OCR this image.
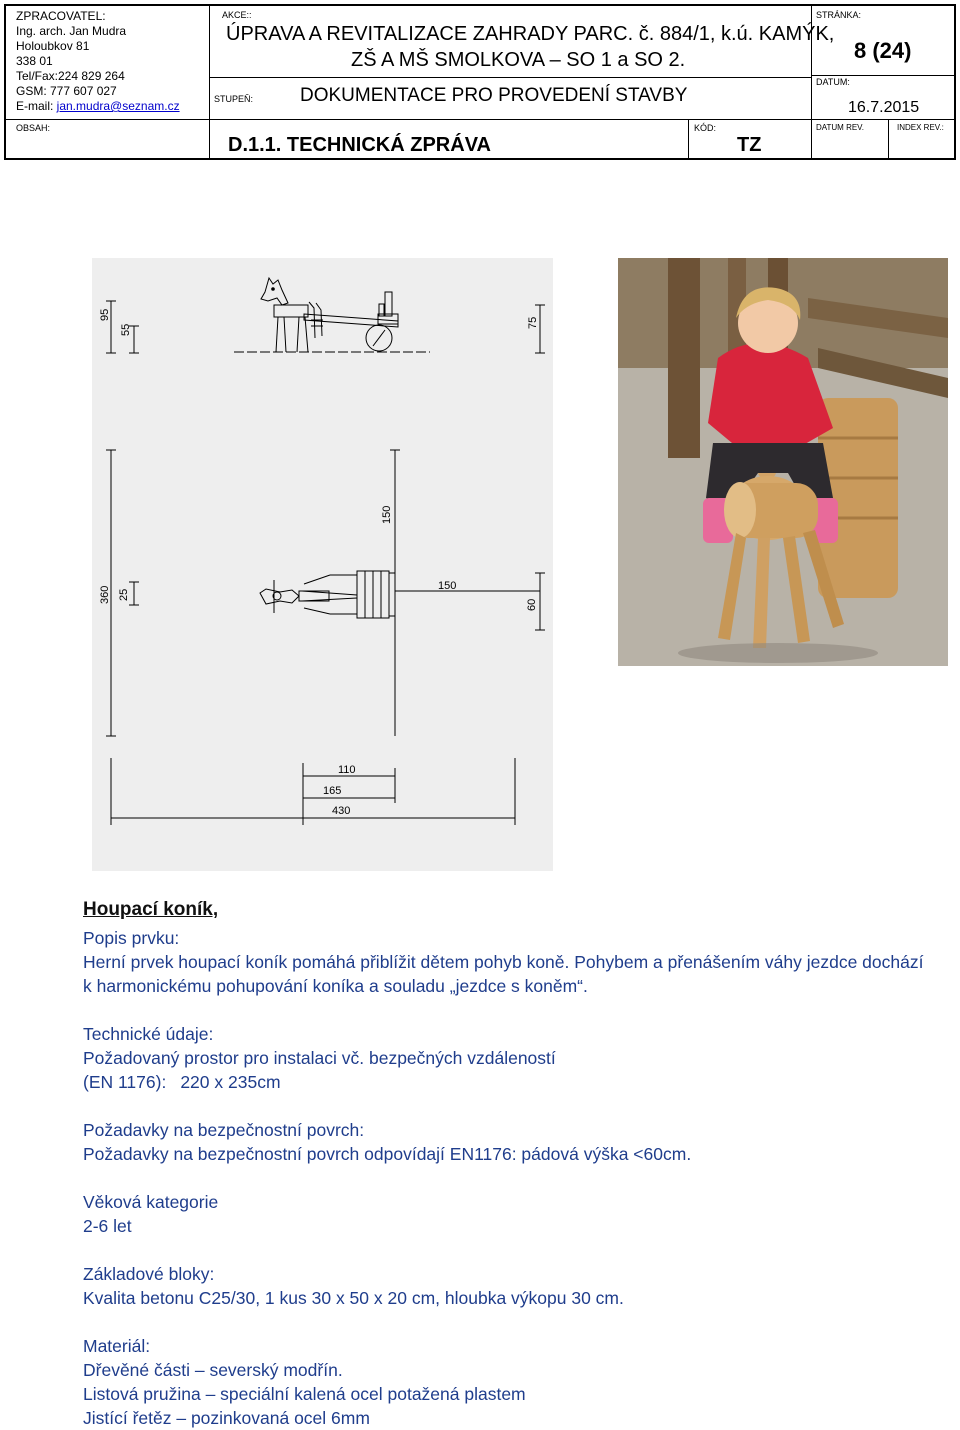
ZPRACOVATEL:
Ing. arch. Jan Mudra
Holoubkov 81
338 01
Tel/Fax:224 829 264
GSM: 777 607 027
E-mail: jan.mudra@seznam.cz
AKCE::
ÚPRAVA A REVITALIZACE ZAHRADY PARC. č. 884/1, k.ú. KAMÝK,
ZŠ A MŠ SMOLKOVA – SO 1 a SO 2.
STUPEŇ: DOKUMENTACE PRO PROVEDENÍ STAVBY
OBSAH:
D.1.1. TECHNICKÁ ZPRÁVA
KÓD:
TZ
STRÁNKA:
8 (24)
DATUM:
16.7.2015
DATUM REV.	INDEX REV.:
95
55
75
150
360 25
150
60
110
165
430

Houpací koník,

Popis prvku:

Herní prvek houpací koník pomáhá přiblížit dětem pohyb koně. Pohybem a přenášením váhy jezdce dochází

k harmonickému pohupování koníka a souladu „jezdce s koněm“.

Technické údaje:

Požadovaný prostor pro instalaci vč. bezpečných vzdáleností

(EN 1176): 220 x 235cm

Požadavky na bezpečnostní povrch:

Požadavky na bezpečnostní povrch odpovídají EN1176: pádová výška <60cm.

Věková kategorie

2-6 let

Základové bloky:

Kvalita betonu C25/30, 1 kus 30 x 50 x 20 cm, hloubka výkopu 30 cm.

Materiál:

Dřevěné části – severský modřín.

Listová pružina – speciální kalená ocel potažená plastem

Jistící řetěz – pozinkovaná ocel 6mm
